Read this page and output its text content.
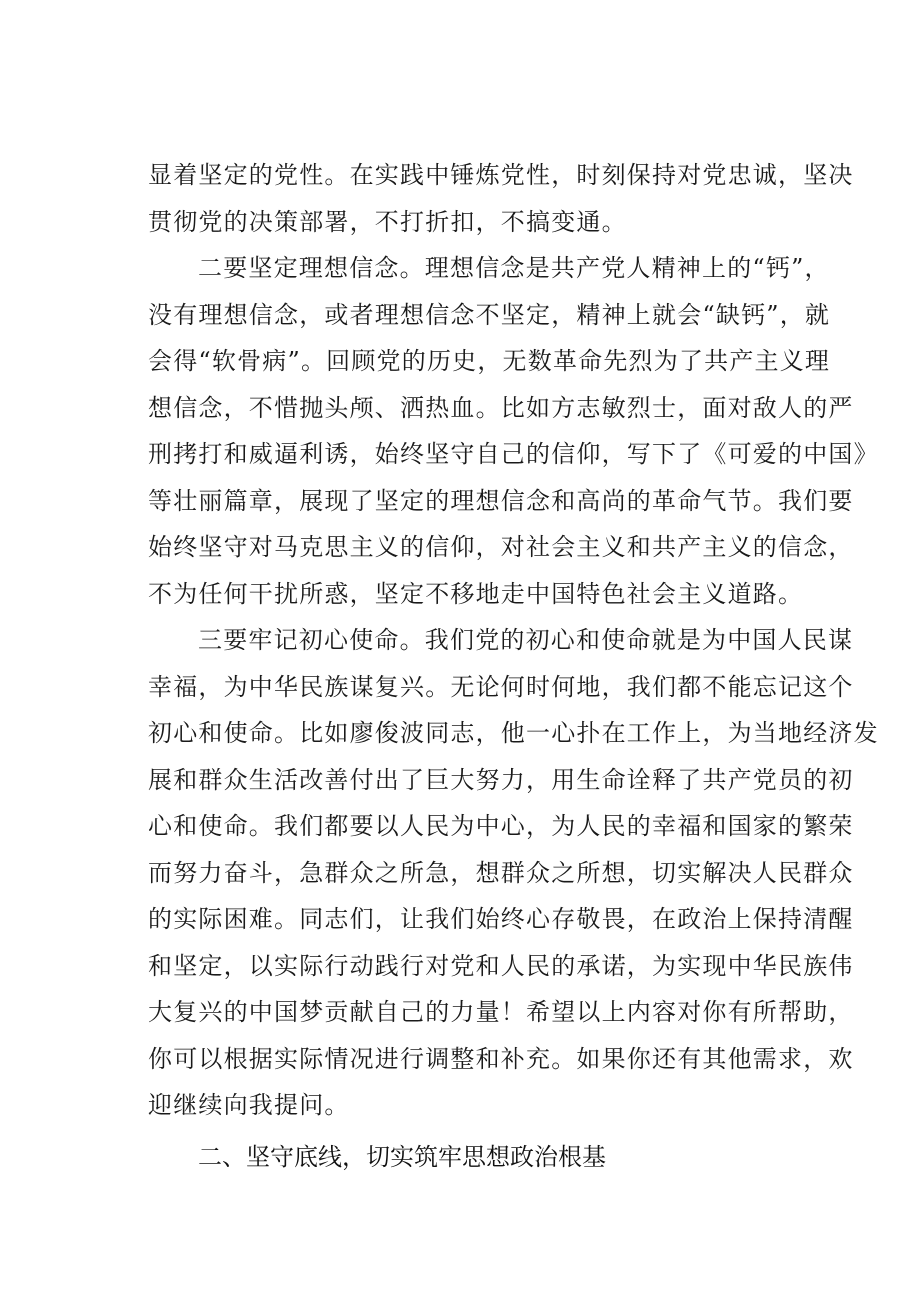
显着坚定的党性。在实践中锤炼党性，时刻保持对党忠诚，坚决
贯彻党的决策部署，不打折扣，不搞变通。
二要坚定理想信念。理想信念是共产党人精神上的“钙”，
没有理想信念，或者理想信念不坚定，精神上就会“缺钙”，就
会得“软骨病”。回顾党的历史，无数革命先烈为了共产主义理
想信念，不惜抛头颅、洒热血。比如方志敏烈士，面对敌人的严
刑拷打和威逼利诱，始终坚守自己的信仰，写下了《可爱的中国》
等壮丽篇章，展现了坚定的理想信念和高尚的革命气节。我们要
始终坚守对马克思主义的信仰，对社会主义和共产主义的信念，
不为任何干扰所惑，坚定不移地走中国特色社会主义道路。
三要牢记初心使命。我们党的初心和使命就是为中国人民谋
幸福，为中华民族谋复兴。无论何时何地，我们都不能忘记这个
初心和使命。比如廖俊波同志，他一心扑在工作上，为当地经济发
展和群众生活改善付出了巨大努力，用生命诠释了共产党员的初
心和使命。我们都要以人民为中心，为人民的幸福和国家的繁荣
而努力奋斗，急群众之所急，想群众之所想，切实解决人民群众
的实际困难。同志们，让我们始终心存敬畏，在政治上保持清醒
和坚定，以实际行动践行对党和人民的承诺，为实现中华民族伟
大复兴的中国梦贡献自己的力量！希望以上内容对你有所帮助，
你可以根据实际情况进行调整和补充。如果你还有其他需求，欢
迎继续向我提问。
二、坚守底线，切实筑牢思想政治根基
